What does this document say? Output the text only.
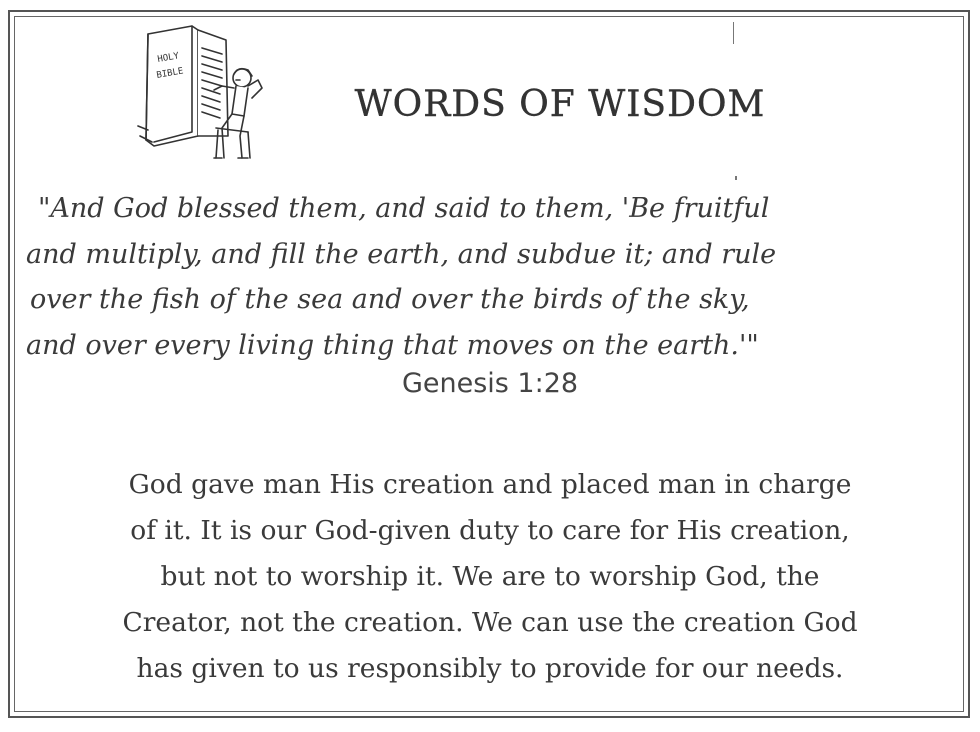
HOLY
BIBLE
WORDS OF WISDOM

"And God blessed them, and said to them, 'Be fruitful
and multiply, and fill the earth, and subdue it; and rule
over the fish of the sea and over the birds of the sky,
and over every living thing that moves on the earth.'"

Genesis 1:28
God gave man His creation and placed man in charge
of it. It is our God-given duty to care for His creation,
but not to worship it. We are to worship God, the
Creator, not the creation. We can use the creation God
has given to us responsibly to provide for our needs.
